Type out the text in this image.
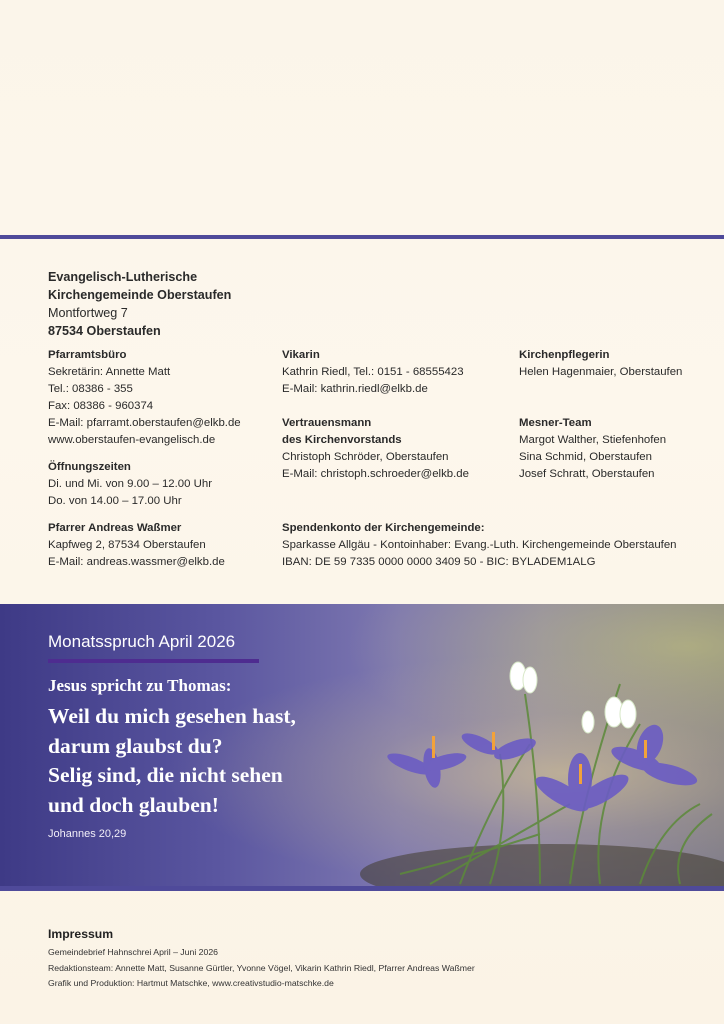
Evangelisch-Lutherische
Kirchengemeinde Oberstaufen
Montfortweg 7
87534 Oberstaufen
Pfarramtsbüro
Sekretärin: Annette Matt
Tel.: 08386 - 355
Fax: 08386 - 960374
E-Mail: pfarramt.oberstaufen@elkb.de
www.oberstaufen-evangelisch.de
Öffnungszeiten
Di. und Mi. von 9.00 – 12.00 Uhr
Do. von 14.00 – 17.00 Uhr
Pfarrer Andreas Waßmer
Kapfweg 2, 87534 Oberstaufen
E-Mail: andreas.wassmer@elkb.de
Vikarin
Kathrin Riedl, Tel.: 0151 - 68555423
E-Mail: kathrin.riedl@elkb.de
Vertrauensmann
des Kirchenvorstands
Christoph Schröder, Oberstaufen
E-Mail: christoph.schroeder@elkb.de
Spendenkonto der Kirchengemeinde:
Sparkasse Allgäu - Kontoinhaber: Evang.-Luth. Kirchengemeinde Oberstaufen
IBAN: DE 59 7335 0000 0000 3409 50 - BIC: BYLADEM1ALG
Kirchenpflegerin
Helen Hagenmaier, Oberstaufen
Mesner-Team
Margot Walther, Stiefenhofen
Sina Schmid, Oberstaufen
Josef Schratt, Oberstaufen
Monatsspruch April 2026
Jesus spricht zu Thomas:
Weil du mich gesehen hast,
darum glaubst du?
Selig sind, die nicht sehen
und doch glauben!
Johannes 20,29
Impressum
Gemeindebrief Hahnschrei April – Juni 2026
Redaktionsteam: Annette Matt, Susanne Gürtler, Yvonne Vögel, Vikarin Kathrin Riedl, Pfarrer Andreas Waßmer
Grafik und Produktion: Hartmut Matschke, www.creativstudio-matschke.de
